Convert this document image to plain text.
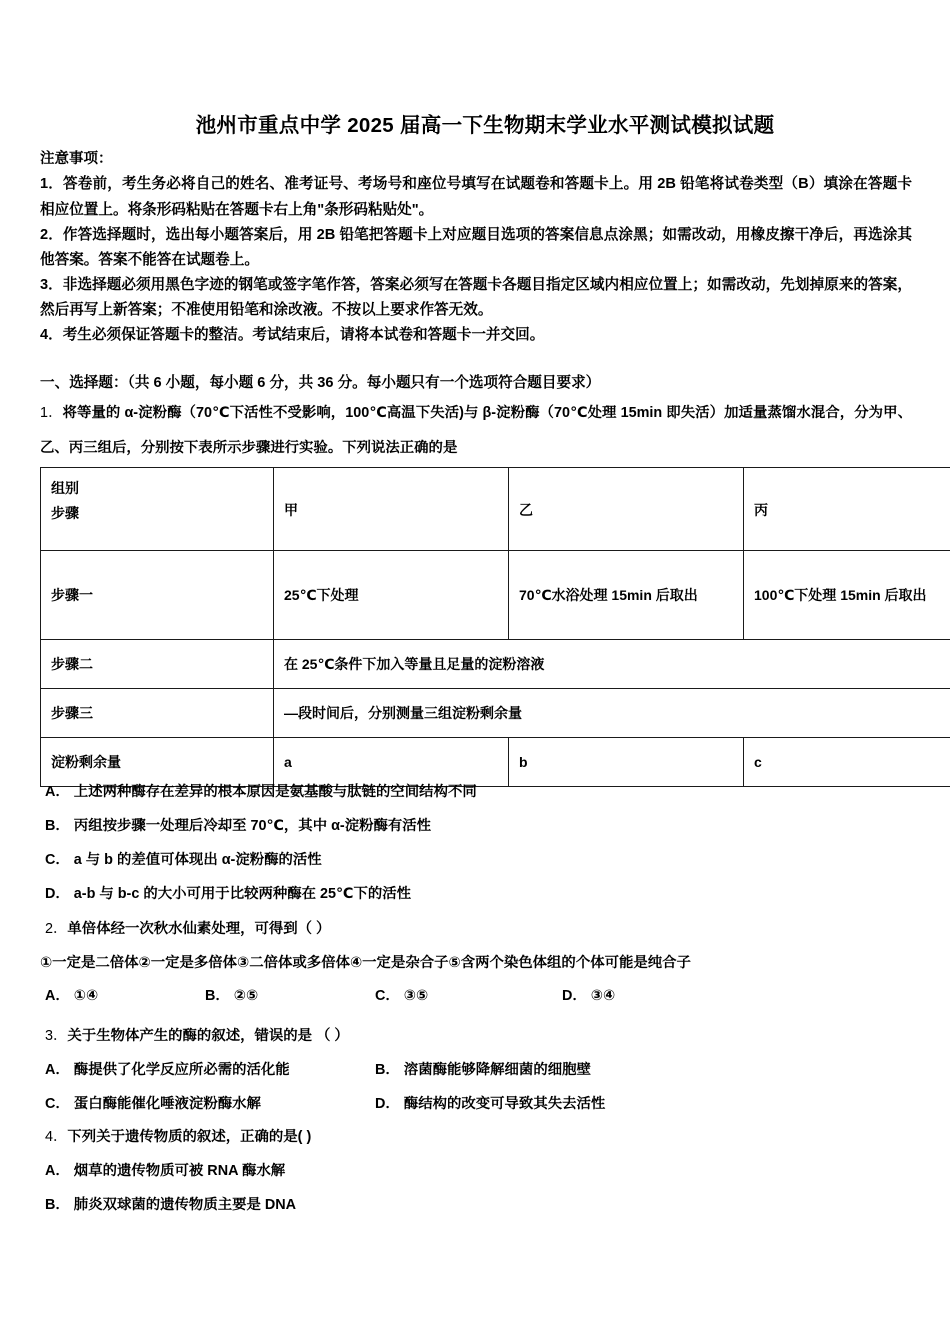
池州市重点中学 2025 届高一下生物期末学业水平测试模拟试题

注意事项：

1．答卷前，考生务必将自己的姓名、准考证号、考场号和座位号填写在试题卷和答题卡上。用 2B 铅笔将试卷类型（B）填涂在答题卡相应位置上。将条形码粘贴在答题卡右上角"条形码粘贴处"。

2．作答选择题时，选出每小题答案后，用 2B 铅笔把答题卡上对应题目选项的答案信息点涂黑；如需改动，用橡皮擦干净后，再选涂其他答案。答案不能答在试题卷上。

3．非选择题必须用黑色字迹的钢笔或签字笔作答，答案必须写在答题卡各题目指定区域内相应位置上；如需改动，先划掉原来的答案，然后再写上新答案；不准使用铅笔和涂改液。不按以上要求作答无效。

4．考生必须保证答题卡的整洁。考试结束后，请将本试卷和答题卡一并交回。

一、选择题：（共 6 小题，每小题 6 分，共 36 分。每小题只有一个选项符合题目要求）
1．将等量的 α-淀粉酶（70℃下活性不受影响，100℃高温下失活)与 β-淀粉酶（70℃处理 15min 即失活）加适量蒸馏水混合，分为甲、乙、丙三组后，分别按下表所示步骤进行实验。下列说法正确的是
组别
步骤	甲	乙	丙
步骤一	25℃下处理	70℃水浴处理 15min 后取出	100℃下处理 15min 后取出
步骤二	在 25℃条件下加入等量且足量的淀粉溶液		
步骤三	—段时间后，分别测量三组淀粉剩余量		
淀粉剩余量	a	b	c
A． 上述两种酶存在差异的根本原因是氨基酸与肽链的空间结构不同
B． 丙组按步骤一处理后冷却至 70℃，其中 α-淀粉酶有活性
C． a 与 b 的差值可体现出 α-淀粉酶的活性
D． a-b 与 b-c 的大小可用于比较两种酶在 25℃下的活性
2．单倍体经一次秋水仙素处理，可得到（ ）
①一定是二倍体②一定是多倍体③二倍体或多倍体④一定是杂合子⑤含两个染色体组的个体可能是纯合子
A． ①④	B． ②⑤	C． ③⑤	D． ③④
3．关于生物体产生的酶的叙述，错误的是 （ ）
A． 酶提供了化学反应所必需的活化能	B． 溶菌酶能够降解细菌的细胞壁
C． 蛋白酶能催化唾液淀粉酶水解	D． 酶结构的改变可导致其失去活性
4．下列关于遗传物质的叙述，正确的是( )
A． 烟草的遗传物质可被 RNA 酶水解
B． 肺炎双球菌的遗传物质主要是 DNA
